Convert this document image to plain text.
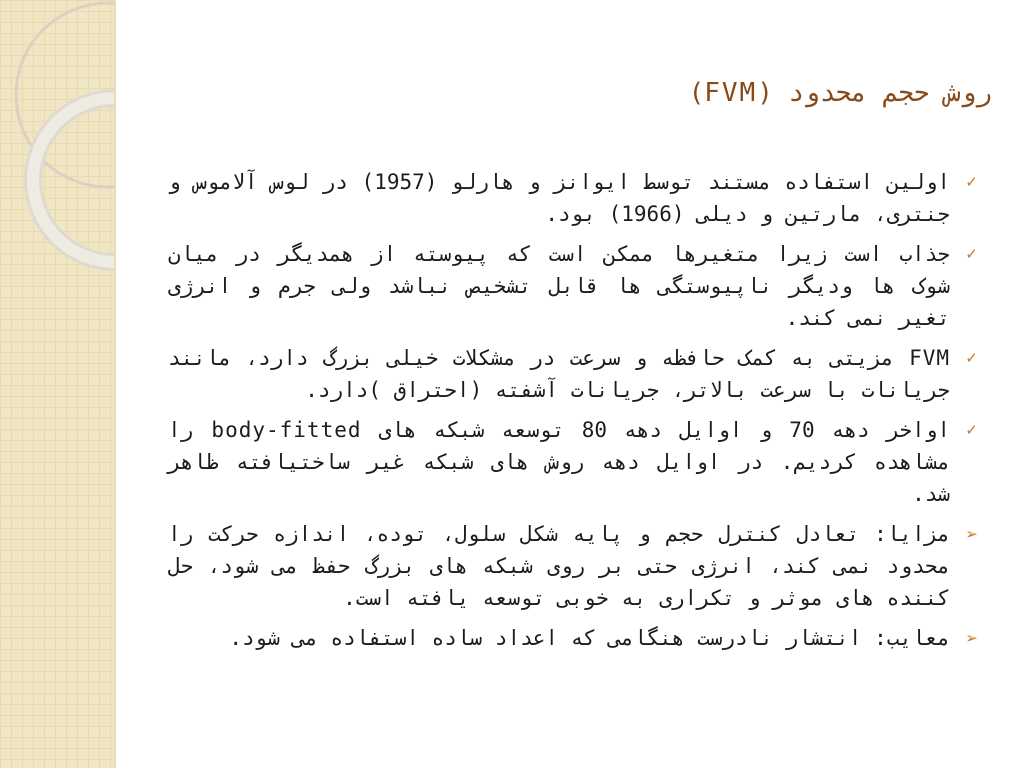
روش حجم محدود (FVM)
✓
اولین استفاده مستند توسط ایوانز و هارلو (1957) در لوس آلاموس و جنتری، مارتین و دیلی (1966) بود.
✓
جذاب است زیرا متغیرها ممکن است که پیوسته از همدیگر در میان شوک ها ودیگر ناپیوستگی ها قابل تشخیص نباشد ولی جرم و انرژی تغیر نمی کند.
✓
FVM مزیتی به کمک حافظه و سرعت در مشکلات خیلی بزرگ دارد، مانند جریانات با سرعت بالاتر، جریانات آشفته (احتراق )دارد.
✓
اواخر دهه 70 و اوایل دهه 80 توسعه شبکه های body-fitted را مشاهده کردیم. در اوایل دهه روش های شبکه غیر ساختیافته ظاهر شد.
➢
مزایا: تعادل کنترل حجم و پایه شکل سلول، توده، اندازه حرکت را محدود نمی کند، انرژی حتی بر روی شبکه های بزرگ حفظ می شود، حل کننده های موثر و تکراری به خوبی توسعه یافته است.
➢
معایب: انتشار نادرست هنگامی که اعداد ساده استفاده می شود.
